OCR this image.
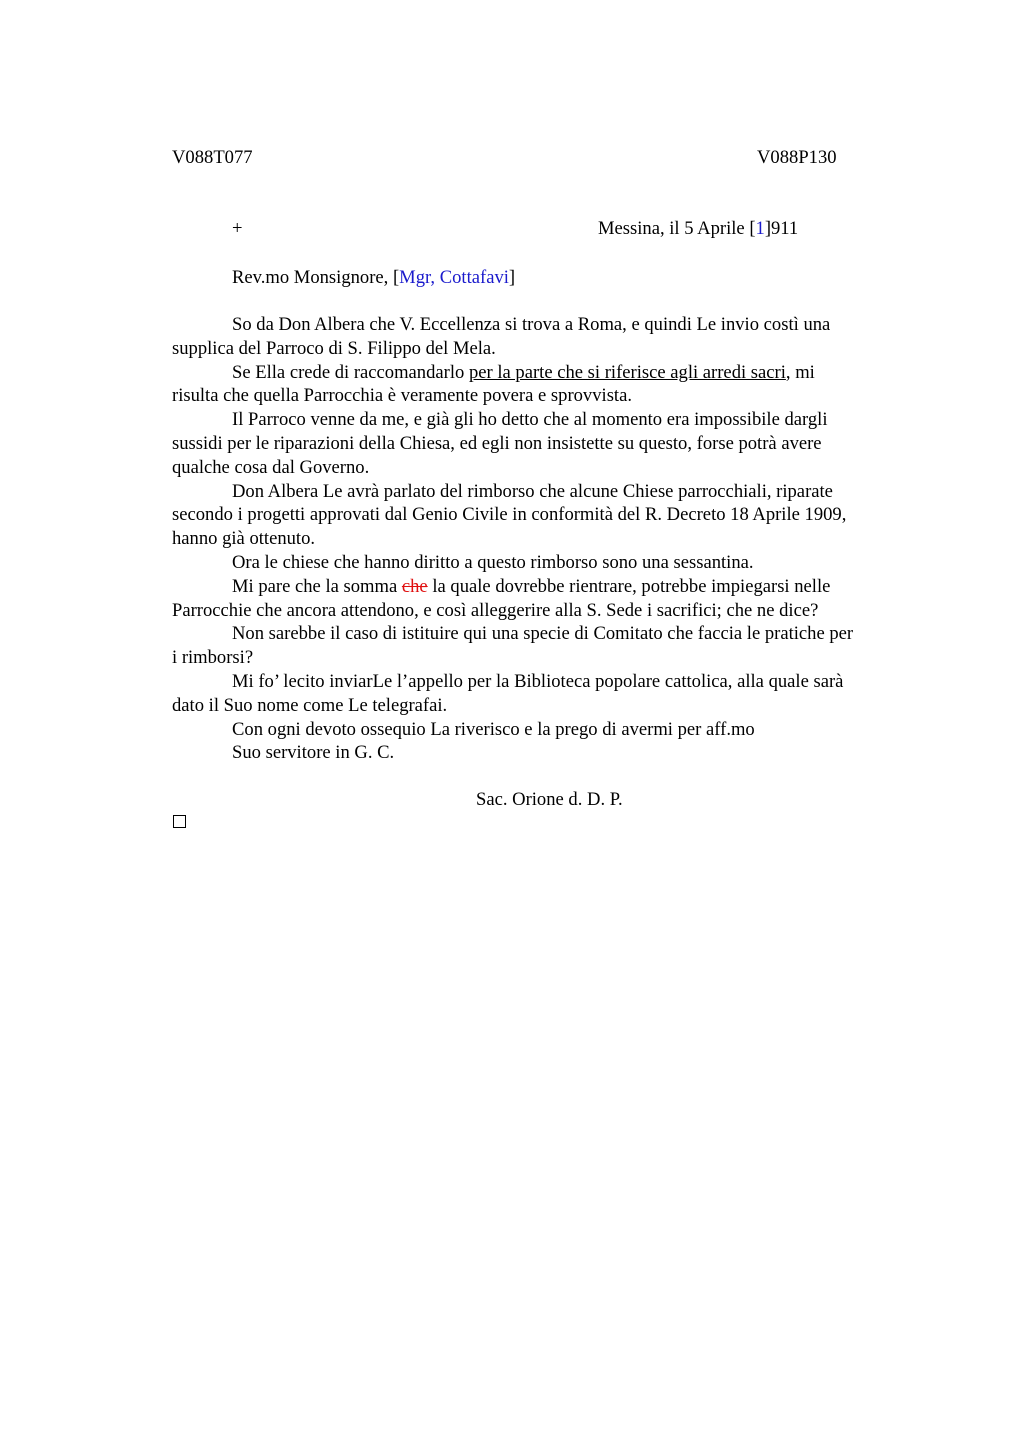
V088T077	V088P130
+	Messina, il 5 Aprile [1]911
Rev.mo Monsignore, [Mgr, Cottafavi]

So da Don Albera che V. Eccellenza si trova a Roma, e quindi Le invio costì una

supplica del Parroco di S. Filippo del Mela.

Se Ella crede di raccomandarlo per la parte che si riferisce agli arredi sacri, mi

risulta che quella Parrocchia è veramente povera e sprovvista.

Il Parroco venne da me, e già gli ho detto che al momento era impossibile dargli

sussidi per le riparazioni della Chiesa, ed egli non insistette su questo, forse potrà avere

qualche cosa dal Governo.

Don Albera Le avrà parlato del rimborso che alcune Chiese parrocchiali, riparate

secondo i progetti approvati dal Genio Civile in conformità del R. Decreto 18 Aprile 1909,

hanno già ottenuto.

Ora le chiese che hanno diritto a questo rimborso sono una sessantina.

Mi pare che la somma che la quale dovrebbe rientrare, potrebbe impiegarsi nelle

Parrocchie che ancora attendono, e così alleggerire alla S. Sede i sacrifici; che ne dice?

Non sarebbe il caso di istituire qui una specie di Comitato che faccia le pratiche per

i rimborsi?

Mi fo’ lecito inviarLe l’appello per la Biblioteca popolare cattolica, alla quale sarà

dato il Suo nome come Le telegrafai.

Con ogni devoto ossequio La riverisco e la prego di avermi per aff.mo

Suo servitore in G. C.

Sac. Orione d. D. P.
